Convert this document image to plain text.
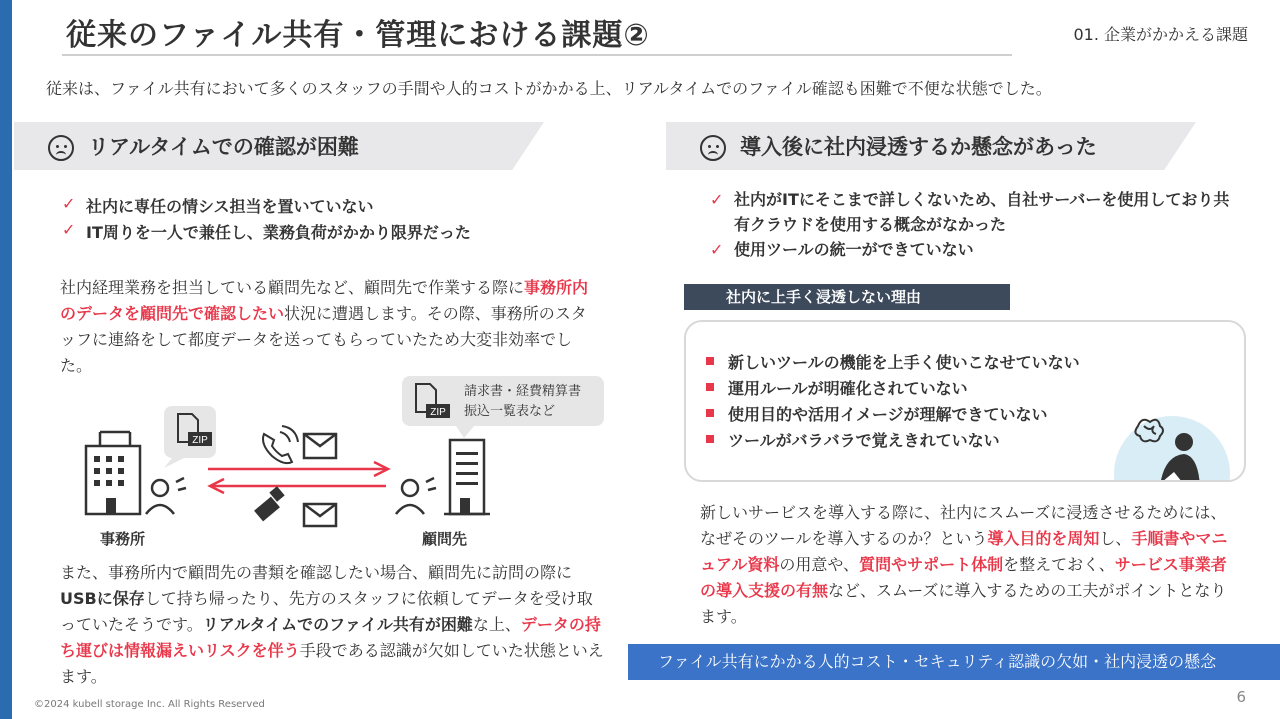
従来のファイル共有・管理における課題②	01. 企業がかかえる課題
従来は、ファイル共有において多くのスタッフの手間や人的コストがかかる上、リアルタイムでのファイル確認も困難で不便な状態でした。
リアルタイムでの確認が困難
✓ 社内に専任の情シス担当を置いていない
✓ IT周りを一人で兼任し、業務負荷がかかり限界だった
社内経理業務を担当している顧問先など、顧問先で作業する際に事務所内のデータを顧問先で確認したい状況に遭遇します。その際、事務所のスタッフに連絡をして都度データを送ってもらっていたため大変非効率でした。
ZIP
ZIP
請求書・経費精算書
振込一覧表など
事務所	顧問先
また、事務所内で顧問先の書類を確認したい場合、顧問先に訪問の際にUSBに保存して持ち帰ったり、先方のスタッフに依頼してデータを受け取っていたそうです。リアルタイムでのファイル共有が困難な上、データの持ち運びは情報漏えいリスクを伴う手段である認識が欠如していた状態といえます。
導入後に社内浸透するか懸念があった
✓ 社内がITにそこまで詳しくないため、自社サーバーを使用しており共有クラウドを使用する概念がなかった
✓ 使用ツールの統一ができていない
社内に上手く浸透しない理由
新しいツールの機能を上手く使いこなせていない
運用ルールが明確化されていない
使用目的や活用イメージが理解できていない
ツールがバラバラで覚えきれていない
新しいサービスを導入する際に、社内にスムーズに浸透させるためには、なぜそのツールを導入するのか？という導入目的を周知し、手順書やマニュアル資料の用意や、質問やサポート体制を整えておく、サービス事業者の導入支援の有無など、スムーズに導入するための工夫がポイントとなります。
ファイル共有にかかる人的コスト・セキュリティ認識の欠如・社内浸透の懸念
©2024 kubell storage Inc. All Rights Reserved	6
